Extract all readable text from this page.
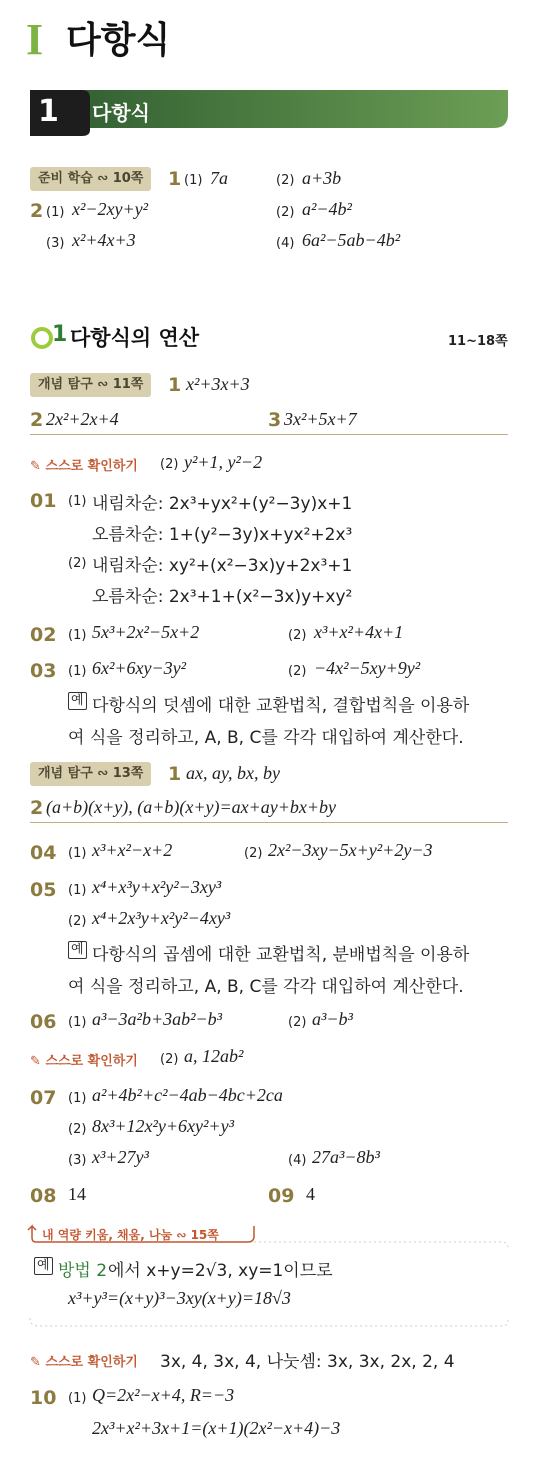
I 다항식
1 다항식
준비 학습 ∾ 10쪽	1 (1) 7a	(2) a+3b
2 (1) x²−2xy+y²	(2) a²−4b²
(3) x²+4x+3	(4) 6a²−5ab−4b²
1 다항식의 연산	11~18쪽
개념 탐구 ∾ 11쪽	1 x²+3x+3
2 2x²+2x+4	3 3x²+5x+7
✎ 스스로 확인하기 (2) y²+1, y²−2
01 (1) 내림차순: 2x³+yx²+(y²−3y)x+1
오름차순: 1+(y²−3y)x+yx²+2x³
(2) 내림차순: xy²+(x²−3x)y+2x³+1
오름차순: 2x³+1+(x²−3x)y+xy²
02 (1) 5x³+2x²−5x+2	(2) x³+x²+4x+1
03 (1) 6x²+6xy−3y²	(2) −4x²−5xy+9y²
예 다항식의 덧셈에 대한 교환법칙, 결합법칙을 이용하
여 식을 정리하고, A, B, C를 각각 대입하여 계산한다.
개념 탐구 ∾ 13쪽	1 ax, ay, bx, by
2 (a+b)(x+y), (a+b)(x+y)=ax+ay+bx+by
04 (1) x³+x²−x+2	(2) 2x²−3xy−5x+y²+2y−3
05 (1) x⁴+x³y+x²y²−3xy³
(2) x⁴+2x³y+x²y²−4xy³
예 다항식의 곱셈에 대한 교환법칙, 분배법칙을 이용하
여 식을 정리하고, A, B, C를 각각 대입하여 계산한다.
06 (1) a³−3a²b+3ab²−b³	(2) a³−b³
✎ 스스로 확인하기 (2) a, 12ab²
07 (1) a²+4b²+c²−4ab−4bc+2ca
(2) 8x³+12x²y+6xy²+y³
(3) x³+27y³	(4) 27a³−8b³
08 14	09 4
내 역량 키움, 채움, 나눔 ∾ 15쪽
예 방법 2 에서 x+y=2√3, xy=1이므로
x³+y³=(x+y)³−3xy(x+y)=18√3
✎ 스스로 확인하기 3x, 4, 3x, 4, 나눗셈: 3x, 3x, 2x, 2, 4
10 (1) Q=2x²−x+4, R=−3
2x³+x²+3x+1=(x+1)(2x²−x+4)−3
